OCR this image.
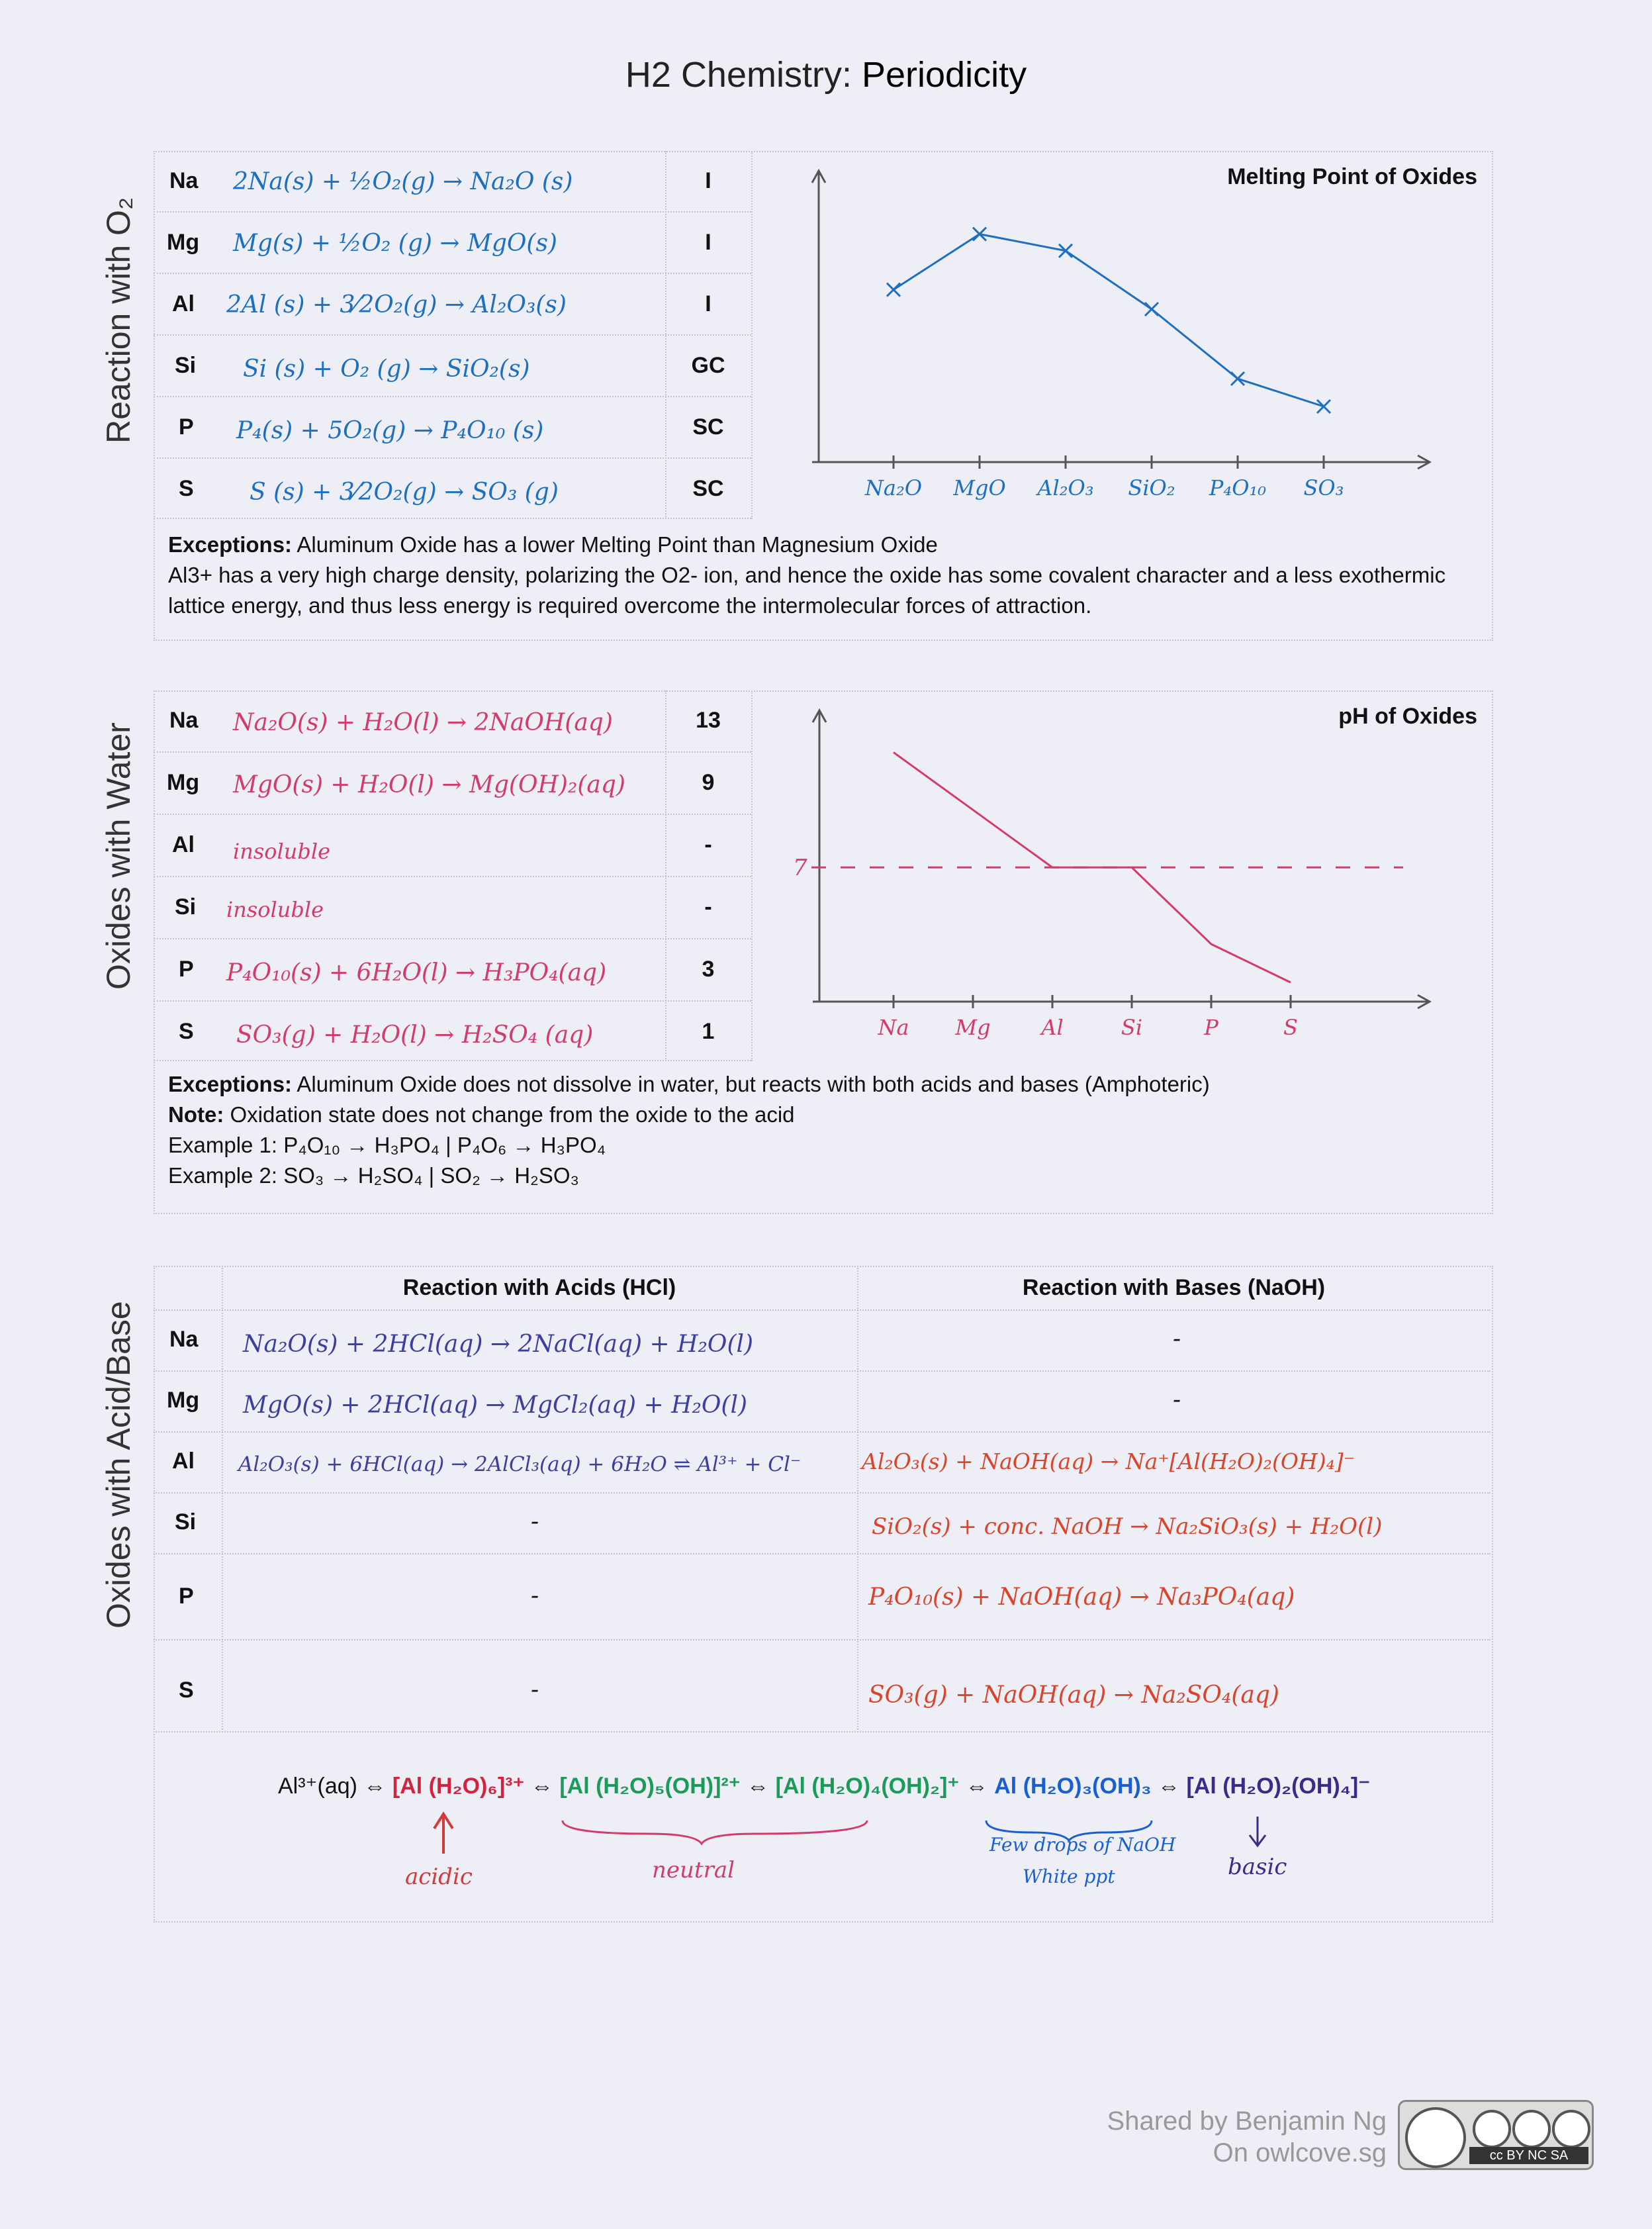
H2 Chemistry: Periodicity
Reaction with O₂
Na 2Na(s) + ½O₂(g) → Na₂O (s)	I
Mg Mg(s) + ½O₂ (g) → MgO(s)	I
Al 2Al (s) + 3⁄2O₂(g) → Al₂O₃(s)	I
Si Si (s) + O₂ (g) → SiO₂(s)	GC
P P₄(s) + 5O₂(g) → P₄O₁₀ (s)	SC
S S (s) + 3⁄2O₂(g) → SO₃ (g)	SC
Melting Point of Oxides
Na₂O MgO Al₂O₃ SiO₂ P₄O₁₀ SO₃
Exceptions: Aluminum Oxide has a lower Melting Point than Magnesium Oxide
Al3+ has a very high charge density, polarizing the O2- ion, and hence the oxide has some covalent character and a less exothermic lattice energy, and thus less energy is required overcome the intermolecular forces of attraction.
Oxides with Water
Na Na₂O(s) + H₂O(l) → 2NaOH(aq)	13
Mg MgO(s) + H₂O(l) → Mg(OH)₂(aq)	9
Al insoluble	-
Si insoluble	-
P P₄O₁₀(s) + 6H₂O(l) → H₃PO₄(aq)	3
S SO₃(g) + H₂O(l) → H₂SO₄ (aq)	1
pH of Oxides
7
Na Mg Al	Si	P	S
Exceptions: Aluminum Oxide does not dissolve in water, but reacts with both acids and bases (Amphoteric)
Note: Oxidation state does not change from the oxide to the acid
Example 1: P₄O₁₀ → H₃PO₄ | P₄O₆ → H₃PO₄
Example 2: SO₃ → H₂SO₄ | SO₂ → H₂SO₃
Oxides with Acid/Base
Reaction with Acids (HCl)	Reaction with Bases (NaOH)
Na Na₂O(s) + 2HCl(aq) → 2NaCl(aq) + H₂O(l)	-
Mg MgO(s) + 2HCl(aq) → MgCl₂(aq) + H₂O(l)	-
Al Al₂O₃(s) + 6HCl(aq) → 2AlCl₃(aq) + 6H₂O ⇌ Al³⁺ + Cl⁻	Al₂O₃(s) + NaOH(aq) → Na⁺[Al(H₂O)₂(OH)₄]⁻
Si	-	SiO₂(s) + conc. NaOH → Na₂SiO₃(s) + H₂O(l)
P	-	P₄O₁₀(s) + NaOH(aq) → Na₃PO₄(aq)
S	-	SO₃(g) + NaOH(aq) → Na₂SO₄(aq)
Al³⁺(aq) ⇔ [Al (H₂O)₆]³⁺ ⇔ [Al (H₂O)₅(OH)]²⁺ ⇔ [Al (H₂O)₄(OH)₂]⁺ ⇔ Al (H₂O)₃(OH)₃ ⇔ [Al (H₂O)₂(OH)₄]⁻
acidic	neutral
Few drops of NaOH
White ppt	basic
Shared by Benjamin Ng
On owlcove.sg	cc BY NC SA
